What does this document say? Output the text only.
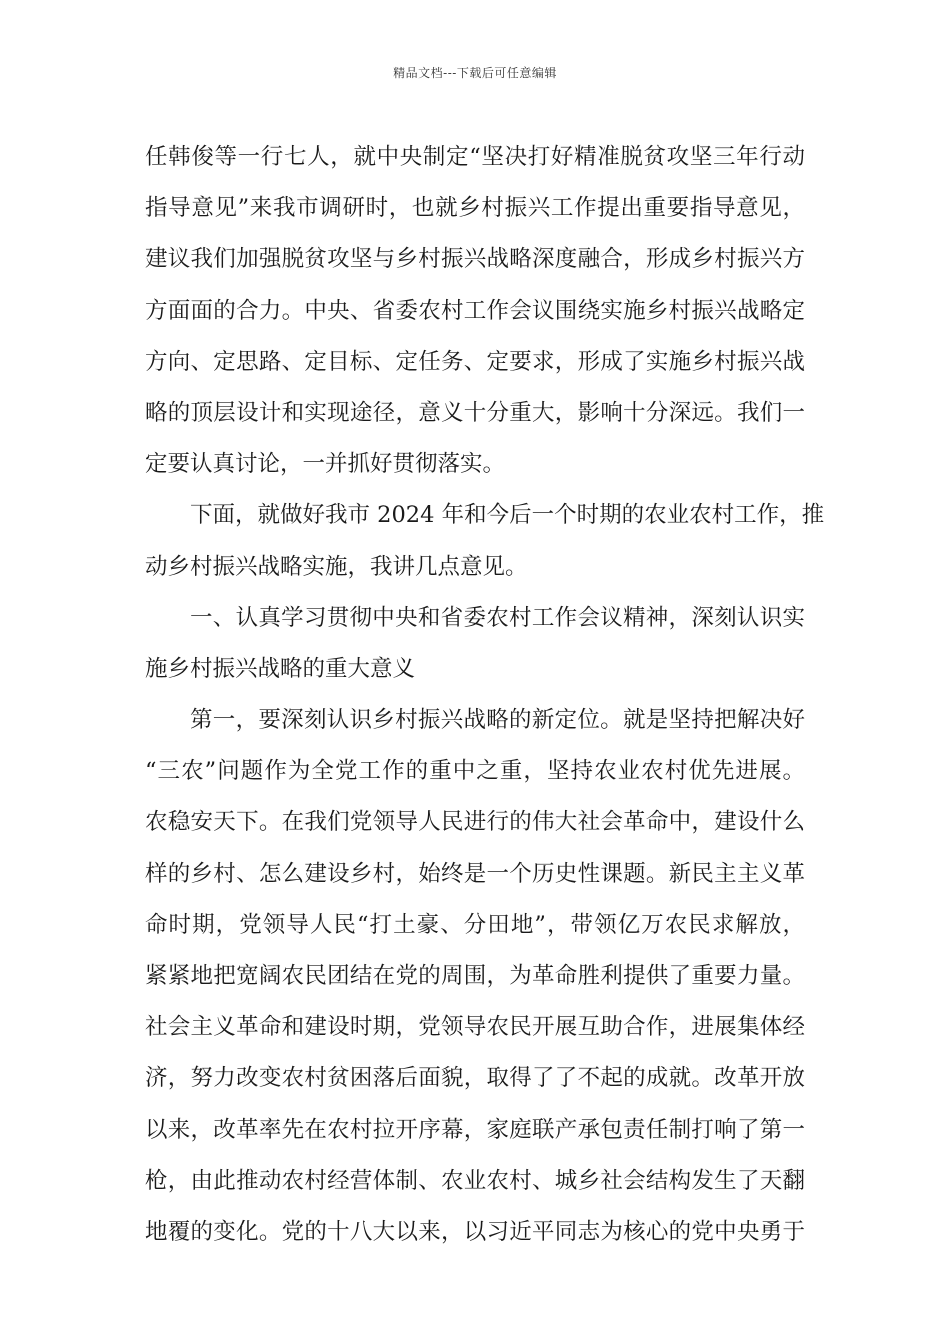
精品文档---下载后可任意编辑
任韩俊等一行七人，就中央制定“坚决打好精准脱贫攻坚三年行动
指导意见”来我市调研时，也就乡村振兴工作提出重要指导意见，
建议我们加强脱贫攻坚与乡村振兴战略深度融合，形成乡村振兴方
方面面的合力。中央、省委农村工作会议围绕实施乡村振兴战略定
方向、定思路、定目标、定任务、定要求，形成了实施乡村振兴战
略的顶层设计和实现途径，意义十分重大，影响十分深远。我们一
定要认真讨论，一并抓好贯彻落实。
下面，就做好我市 2024 年和今后一个时期的农业农村工作，推
动乡村振兴战略实施，我讲几点意见。
一、认真学习贯彻中央和省委农村工作会议精神，深刻认识实
施乡村振兴战略的重大意义
第一，要深刻认识乡村振兴战略的新定位。就是坚持把解决好
“三农”问题作为全党工作的重中之重，坚持农业农村优先进展。
农稳安天下。在我们党领导人民进行的伟大社会革命中，建设什么
样的乡村、怎么建设乡村，始终是一个历史性课题。新民主主义革
命时期，党领导人民“打土豪、分田地”，带领亿万农民求解放，
紧紧地把宽阔农民团结在党的周围，为革命胜利提供了重要力量。
社会主义革命和建设时期，党领导农民开展互助合作，进展集体经
济，努力改变农村贫困落后面貌，取得了了不起的成就。改革开放
以来，改革率先在农村拉开序幕，家庭联产承包责任制打响了第一
枪，由此推动农村经营体制、农业农村、城乡社会结构发生了天翻
地覆的变化。党的十八大以来，以习近平同志为核心的党中央勇于
